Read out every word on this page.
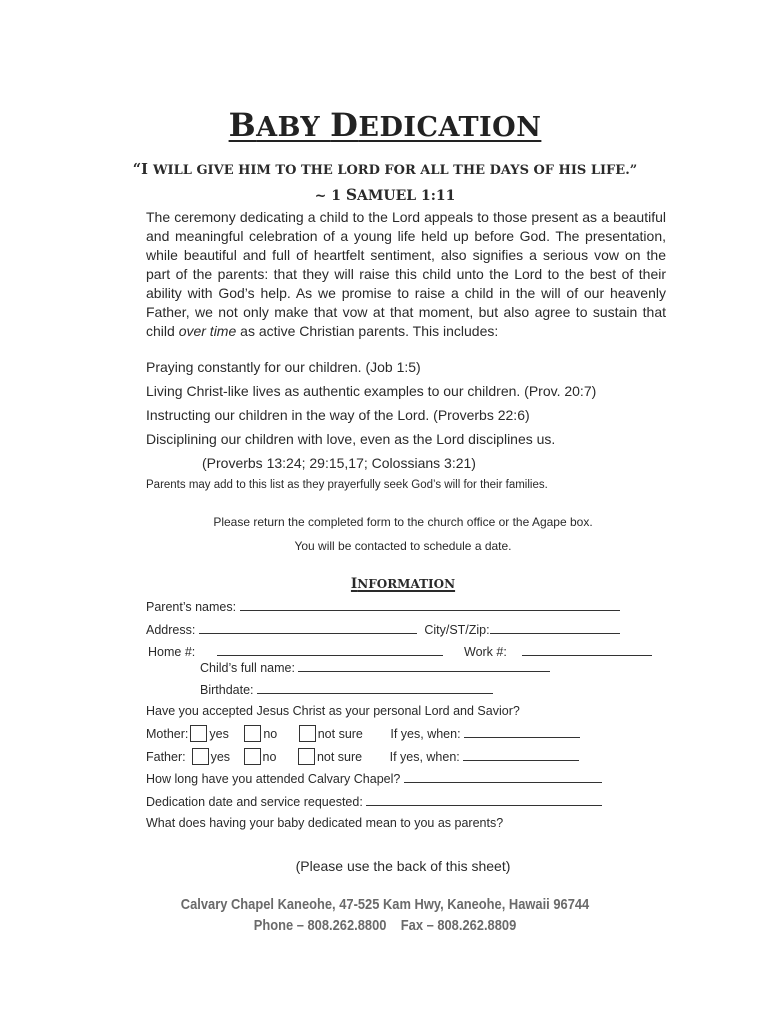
BABY DEDICATION
“I WILL GIVE HIM TO THE LORD FOR ALL THE DAYS OF HIS LIFE.”
~ 1 SAMUEL 1:11
The ceremony dedicating a child to the Lord appeals to those present as a beautiful and meaningful celebration of a young life held up before God. The presentation, while beautiful and full of heartfelt sentiment, also signifies a serious vow on the part of the parents: that they will raise this child unto the Lord to the best of their ability with God’s help. As we promise to raise a child in the will of our heavenly Father, we not only make that vow at that moment, but also agree to sustain that child over time as active Christian parents. This includes:
Praying constantly for our children. (Job 1:5)
Living Christ-like lives as authentic examples to our children. (Prov. 20:7)
Instructing our children in the way of the Lord. (Proverbs 22:6)
Disciplining our children with love, even as the Lord disciplines us.
(Proverbs 13:24; 29:15,17; Colossians 3:21)
Parents may add to this list as they prayerfully seek God’s will for their families.
Please return the completed form to the church office or the Agape box.
You will be contacted to schedule a date.
INFORMATION
Parent’s names:
Address:	City/ST/Zip:
Home #:	Work #:
Child’s full name:
Birthdate:
Have you accepted Jesus Christ as your personal Lord and Savior?
Mother: yes	no	not sure If yes, when:
Father: yes	no	not sure If yes, when:
How long have you attended Calvary Chapel?
Dedication date and service requested:
What does having your baby dedicated mean to you as parents?
(Please use the back of this sheet)
Calvary Chapel Kaneohe, 47-525 Kam Hwy, Kaneohe, Hawaii 96744
Phone – 808.262.8800 Fax – 808.262.8809
